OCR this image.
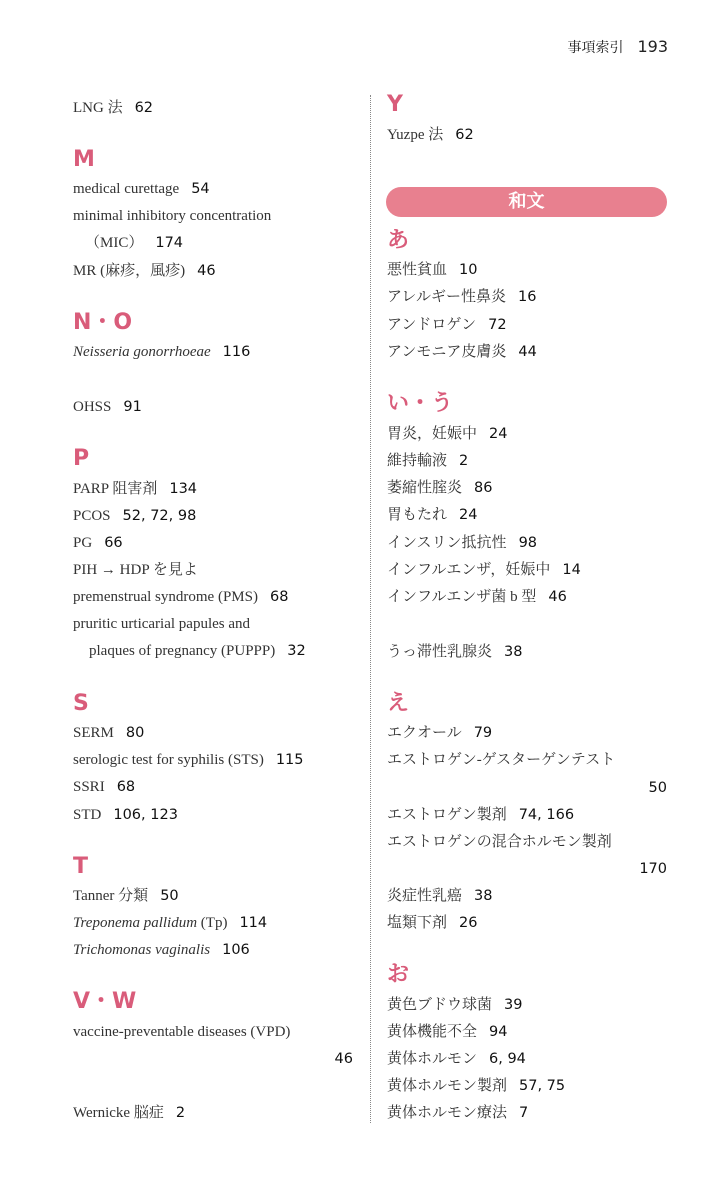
事項索引 193
LNG 法 62
M
medical curettage 54
minimal inhibitory concentration
（MIC） 174
MR (麻疹，風疹) 46
N・O
Neisseria gonorrhoeae 116
OHSS 91
P
PARP 阻害剤 134
PCOS 52, 72, 98
PG 66
PIH → HDP を見よ
premenstrual syndrome (PMS) 68
pruritic urticarial papules and
plaques of pregnancy (PUPPP) 32
S
SERM 80
serologic test for syphilis (STS) 115
SSRI 68
STD 106, 123
T
Tanner 分類 50
Treponema pallidum (Tp) 114
Trichomonas vaginalis 106
V・W
vaccine-preventable diseases (VPD)
46
Wernicke 脳症 2
Y
Yuzpe 法 62
和文
あ
悪性貧血 10
アレルギー性鼻炎 16
アンドロゲン 72
アンモニア皮膚炎 44
い・う
胃炎，妊娠中 24
維持輸液 2
萎縮性腟炎 86
胃もたれ 24
インスリン抵抗性 98
インフルエンザ，妊娠中 14
インフルエンザ菌 b 型 46
うっ滞性乳腺炎 38
え
エクオール 79
エストロゲン-ゲスターゲンテスト
50
エストロゲン製剤 74, 166
エストロゲンの混合ホルモン製剤
170
炎症性乳癌 38
塩類下剤 26
お
黄色ブドウ球菌 39
黄体機能不全 94
黄体ホルモン 6, 94
黄体ホルモン製剤 57, 75
黄体ホルモン療法 7
